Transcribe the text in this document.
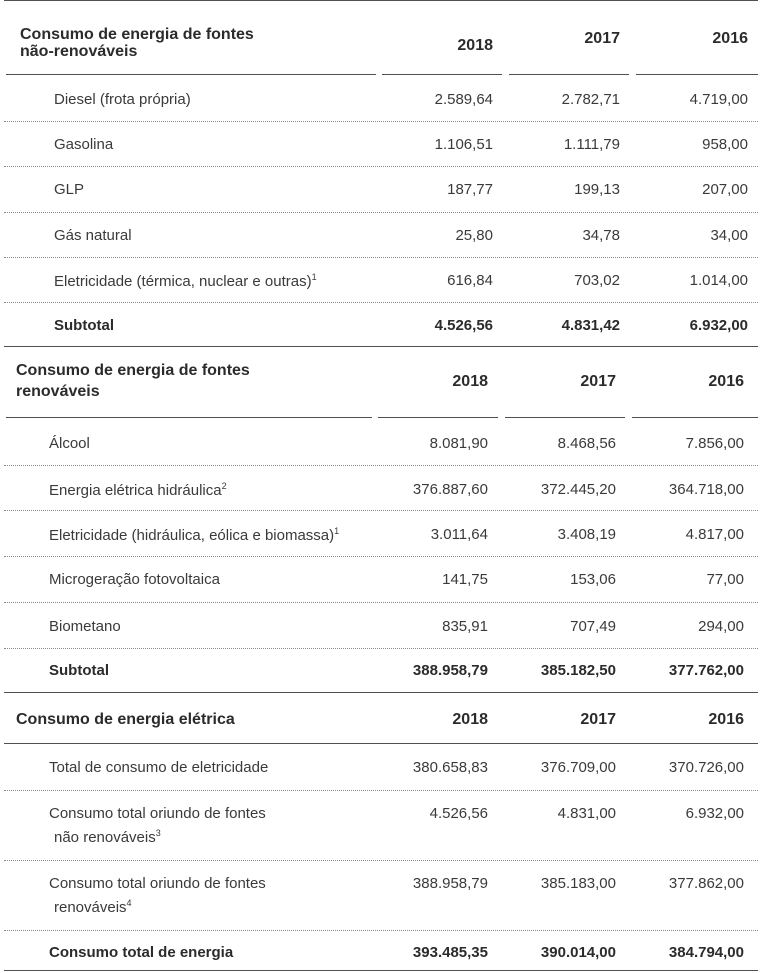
Consumo de energia de fontes
não-renováveis	2018	2017	2016
Diesel (frota própria)	2.589,64	2.782,71	4.719,00
Gasolina	1.106,51	1.111,79	958,00
GLP	187,77	199,13	207,00
Gás natural	25,80	34,78	34,00
Eletricidade (térmica, nuclear e outras)$^1$	616,84	703,02	1.014,00
Subtotal	4.526,56	4.831,42	6.932,00
Consumo de energia de fontes
renováveis
2018	2017	2016
Álcool	8.081,90	8.468,56	7.856,00
Energia elétrica hidráulica$^2$	376.887,60	372.445,20	364.718,00
Eletricidade (hidráulica, eólica e biomassa)$^1$	3.011,64	3.408,19	4.817,00
Microgeração fotovoltaica	141,75	153,06	77,00
Biometano	835,91	707,49	294,00
Subtotal	388.958,79	385.182,50	377.762,00
Consumo de energia elétrica	2018	2017	2016
Total de consumo de eletricidade	380.658,83	376.709,00	370.726,00
Consumo total oriundo de fontes
não renováveis$^3$
4.526,56	4.831,00	6.932,00
Consumo total oriundo de fontes
renováveis$^4$
388.958,79	385.183,00	377.862,00
Consumo total de energia	393.485,35	390.014,00	384.794,00
